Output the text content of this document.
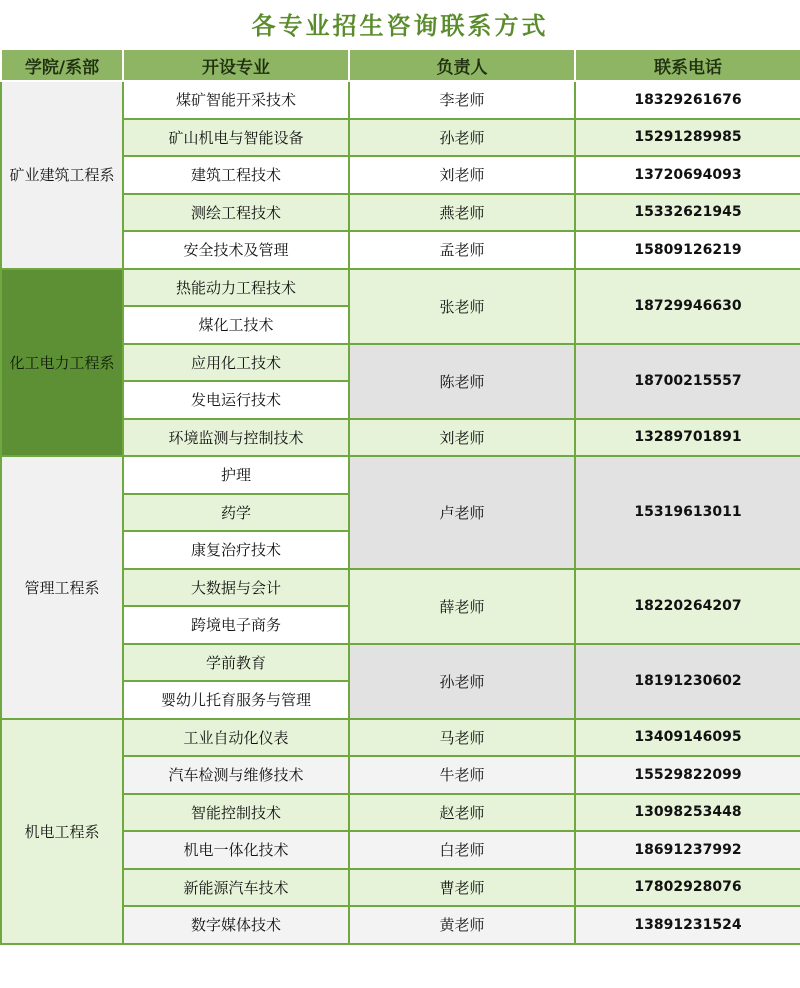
各专业招生咨询联系方式
学院/系部	开设专业	负责人	联系电话
矿业建筑工程系	煤矿智能开采技术	李老师	18329261676
	矿山机电与智能设备	孙老师	15291289985
	建筑工程技术	刘老师	13720694093
	测绘工程技术	燕老师	15332621945
	安全技术及管理	孟老师	15809126219
化工电力工程系	热能动力工程技术	张老师	18729946630
	煤化工技术		
	应用化工技术	陈老师	18700215557
	发电运行技术		
	环境监测与控制技术	刘老师	13289701891
管理工程系	护理	卢老师	15319613011
	药学		
	康复治疗技术		
	大数据与会计	薛老师	18220264207
	跨境电子商务		
	学前教育	孙老师	18191230602
	婴幼儿托育服务与管理		
机电工程系	工业自动化仪表	马老师	13409146095
	汽车检测与维修技术	牛老师	15529822099
	智能控制技术	赵老师	13098253448
	机电一体化技术	白老师	18691237992
	新能源汽车技术	曹老师	17802928076
	数字媒体技术	黄老师	13891231524
